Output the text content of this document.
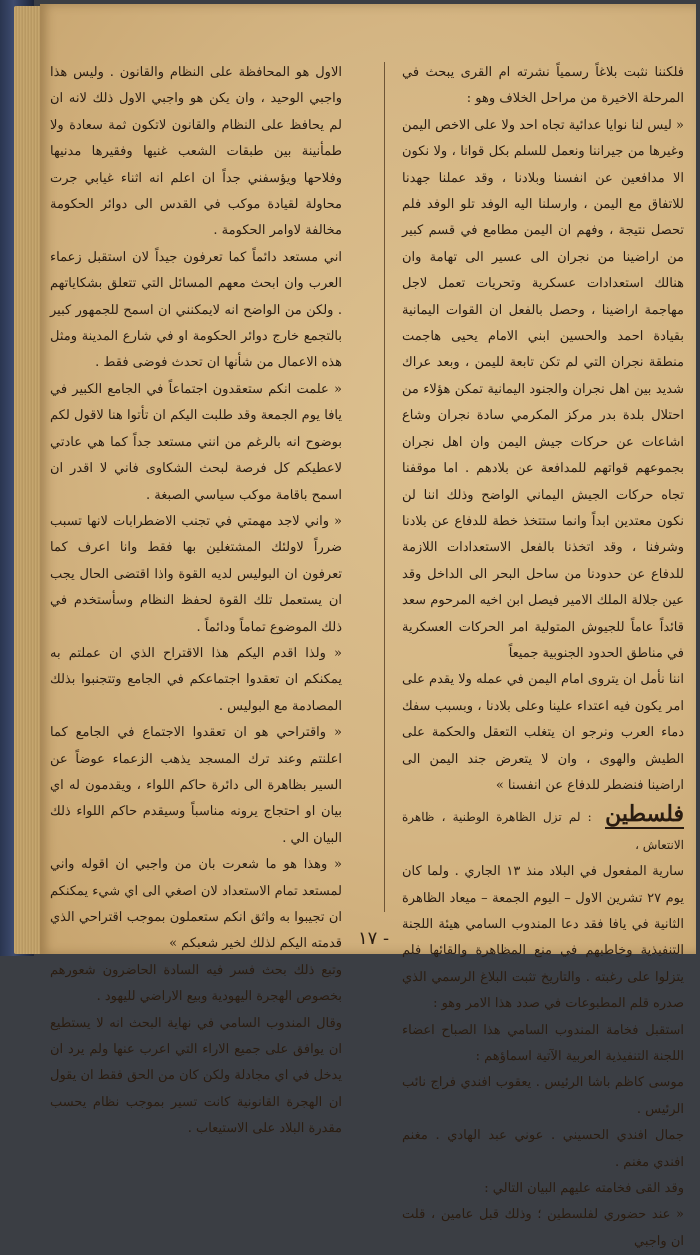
فلكننا نثبت بلاغاً رسمياً نشرته ام القرى يبحث في المرحلة الاخيرة من مراحل الخلاف وهو :

« ليس لنا نوايا عدائية تجاه احد ولا على الاخص اليمن وغيرها من جيراننا ونعمل للسلم بكل قوانا ، ولا نكون الا مدافعين عن انفسنا وبلادنا ، وقد عملنا جهدنا للاتفاق مع اليمن ، وارسلنا اليه الوفد تلو الوفد فلم تحصل نتيجة ، وفهم ان اليمن مطامع في قسم كبير من اراضينا من نجران الى عسير الى تهامة وان هنالك استعدادات عسكرية وتحريات تعمل لاجل مهاجمة اراضينا ، وحصل بالفعل ان القوات اليمانية بقيادة احمد والحسين ابني الامام يحيى هاجمت منطقة نجران التي لم تكن تابعة لليمن ، وبعد عراك شديد بين اهل نجران والجنود اليمانية تمكن هؤلاء من احتلال بلدة بدر مركز المكرمي سادة نجران وشاع اشاعات عن حركات جيش اليمن وان اهل نجران بجموعهم قواتهم للمدافعة عن بلادهم . اما موقفنا تجاه حركات الجيش اليماني الواضح وذلك اننا لن نكون معتدين ابداً وانما ستتخذ خطة للدفاع عن بلادنا وشرفنا ، وقد اتخذنا بالفعل الاستعدادات اللازمة للدفاع عن حدودنا من ساحل البحر الى الداخل وقد عين جلالة الملك الامير فيصل ابن اخيه المرحوم سعد قائداً عاماً للجيوش المتولية امر الحركات العسكرية في مناطق الحدود الجنوبية جميعاً

اننا نأمل ان يتروى امام اليمن في عمله ولا يقدم على امر يكون فيه اعتداء علينا وعلى بلادنا ، وبسبب سفك دماء العرب ونرجو ان يتغلب التعقل والحكمة على الطيش والهوى ، وان لا يتعرض جند اليمن الى اراضينا فنضطر للدفاع عن انفسنا »

فلسطين : لم تزل الظاهرة الوطنية ، ظاهرة الانتعاش ،

سارية المفعول في البلاد منذ ١٣ الجاري . ولما كان يوم ٢٧ تشرين الاول – اليوم الجمعة – ميعاد الظاهرة الثانية في يافا فقد دعا المندوب السامي هيئة اللجنة التنفيذية وخاطبهم في منع المظاهرة والقائها فلم يتزلوا على رغبته . والتاريخ تثبت البلاغ الرسمي الذي صدره قلم المطبوعات في صدد هذا الامر وهو :

استقبل فخامة المندوب السامي هذا الصباح اعضاء اللجنة التنفيذية العربية الآتية اسماؤهم :

موسى كاظم باشا الرئيس . يعقوب افندي فراج نائب الرئيس .

جمال افندي الحسيني . عوني عبد الهادي . مغنم افندي مغنم .

وقد القى فخامته عليهم البيان التالي :

« عند حضوري لفلسطين ؛ وذلك قبل عامين ، قلت ان واجبي

الاول هو المحافظة على النظام والقانون . وليس هذا واجبي الوحيد ، وان يكن هو واجبي الاول ذلك لانه ان لم يحافظ على النظام والقانون لاتكون ثمة سعادة ولا طمأنينة بين طبقات الشعب غنيها وفقيرها مدنيها وفلاحها ويؤسفني جداً ان اعلم انه اثناء غيابي جرت محاولة لقيادة موكب في القدس الى دوائر الحكومة مخالفة لاوامر الحكومة .

اني مستعد دائماً كما تعرفون جيداً لان استقبل زعماء العرب وان ابحث معهم المسائل التي تتعلق بشكاياتهم . ولكن من الواضح انه لايمكنني ان اسمح للجمهور كبير بالتجمع خارج دوائر الحكومة او في شارع المدينة ومثل هذه الاعمال من شأنها ان تحدث فوضى فقط .

« علمت انكم ستعقدون اجتماعاً في الجامع الكبير في يافا يوم الجمعة وقد طلبت اليكم ان تأتوا هنا لاقول لكم بوضوح انه بالرغم من انني مستعد جداً كما هي عادتي لاعطيكم كل فرصة لبحث الشكاوى فاني لا اقدر ان اسمح باقامة موكب سياسي الصبغة .

« واني لاجد مهمتي في تجنب الاضطرابات لانها تسبب ضرراً لاولئك المشتغلين بها فقط وانا اعرف كما تعرفون ان البوليس لديه القوة واذا اقتضى الحال يجب ان يستعمل تلك القوة لحفظ النظام وسأستخدم في ذلك الموضوع تماماً ودائماً .

« ولذا اقدم اليكم هذا الاقتراح الذي ان عملتم به يمكنكم ان تعقدوا اجتماعكم في الجامع وتتجنبوا بذلك المصادمة مع البوليس .

« واقتراحي هو ان تعقدوا الاجتماع في الجامع كما اعلنتم وعند ترك المسجد يذهب الزعماء عوضاً عن السير بظاهرة الى دائرة حاكم اللواء ، ويقدمون له اي بيان او احتجاج يرونه مناسباً وسيقدم حاكم اللواء ذلك البيان الي .

« وهذا هو ما شعرت بان من واجبي ان اقوله واني لمستعد تمام الاستعداد لان اصغي الى اي شيء يمكنكم ان تجيبوا به واثق انكم ستعملون بموجب اقتراحي الذي قدمته اليكم لذلك لخير شعبكم »

وتبع ذلك بحث فسر فيه السادة الحاضرون شعورهم بخصوص الهجرة اليهودية وبيع الاراضي لليهود .

وقال المندوب السامي في نهاية البحث انه لا يستطيع ان يوافق على جميع الاراء التي اعرب عنها ولم يرد ان يدخل في اي مجادلة ولكن كان من الحق فقط ان يقول ان الهجرة القانونية كانت تسير بموجب نظام يحسب مقدرة البلاد على الاستيعاب .

۱۷ -
